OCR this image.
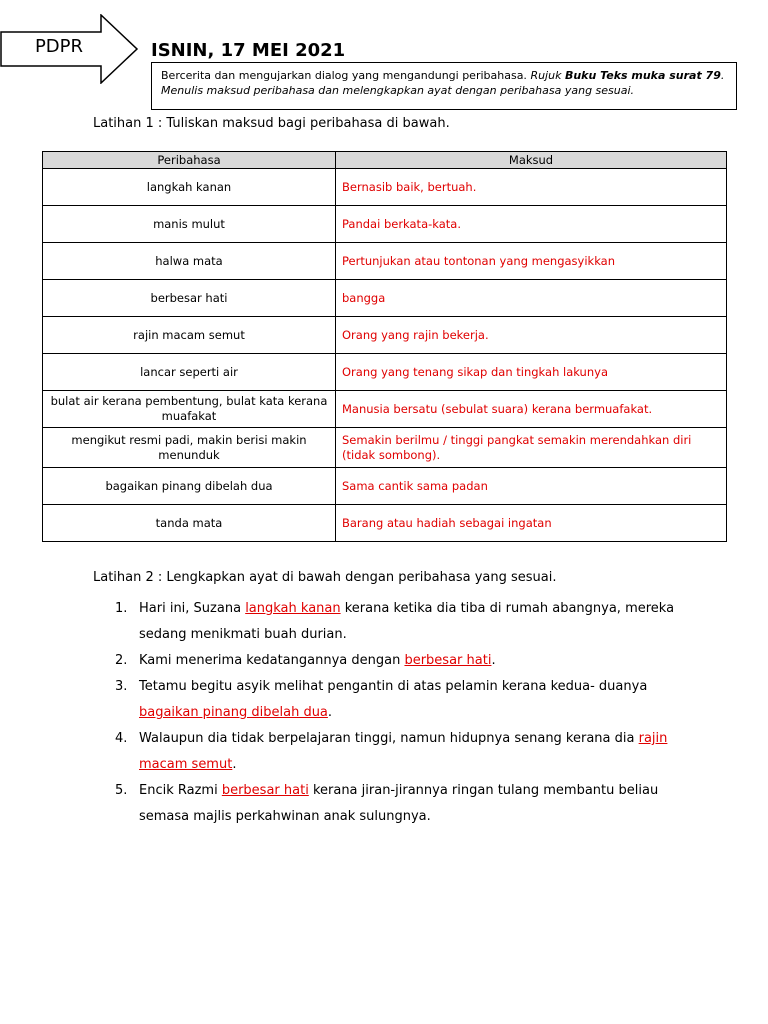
PDPR	ISNIN, 17 MEI 2021
Bercerita dan mengujarkan dialog yang mengandungi peribahasa. Rujuk Buku Teks muka surat 79.
Menulis maksud peribahasa dan melengkapkan ayat dengan peribahasa yang sesuai.
Latihan 1 : Tuliskan maksud bagi peribahasa di bawah.
Peribahasa	Maksud
langkah kanan	Bernasib baik, bertuah.
manis mulut	Pandai berkata-kata.
halwa mata	Pertunjukan atau tontonan yang mengasyikkan
berbesar hati	bangga
rajin macam semut	Orang yang rajin bekerja.
lancar seperti air	Orang yang tenang sikap dan tingkah lakunya
bulat air kerana pembentung, bulat kata kerana muafakat	Manusia bersatu (sebulat suara) kerana bermuafakat.
mengikut resmi padi, makin berisi makin menunduk	Semakin berilmu / tinggi pangkat semakin merendahkan diri (tidak sombong).
bagaikan pinang dibelah dua	Sama cantik sama padan
tanda mata	Barang atau hadiah sebagai ingatan
Latihan 2 : Lengkapkan ayat di bawah dengan peribahasa yang sesuai.
1. Hari ini, Suzana langkah kanan kerana ketika dia tiba di rumah abangnya, mereka sedang menikmati buah durian.
2. Kami menerima kedatangannya dengan berbesar hati.
3. Tetamu begitu asyik melihat pengantin di atas pelamin kerana kedua- duanya bagaikan pinang dibelah dua.
4. Walaupun dia tidak berpelajaran tinggi, namun hidupnya senang kerana dia rajin macam semut.
5. Encik Razmi berbesar hati kerana jiran-jirannya ringan tulang membantu beliau semasa majlis perkahwinan anak sulungnya.
